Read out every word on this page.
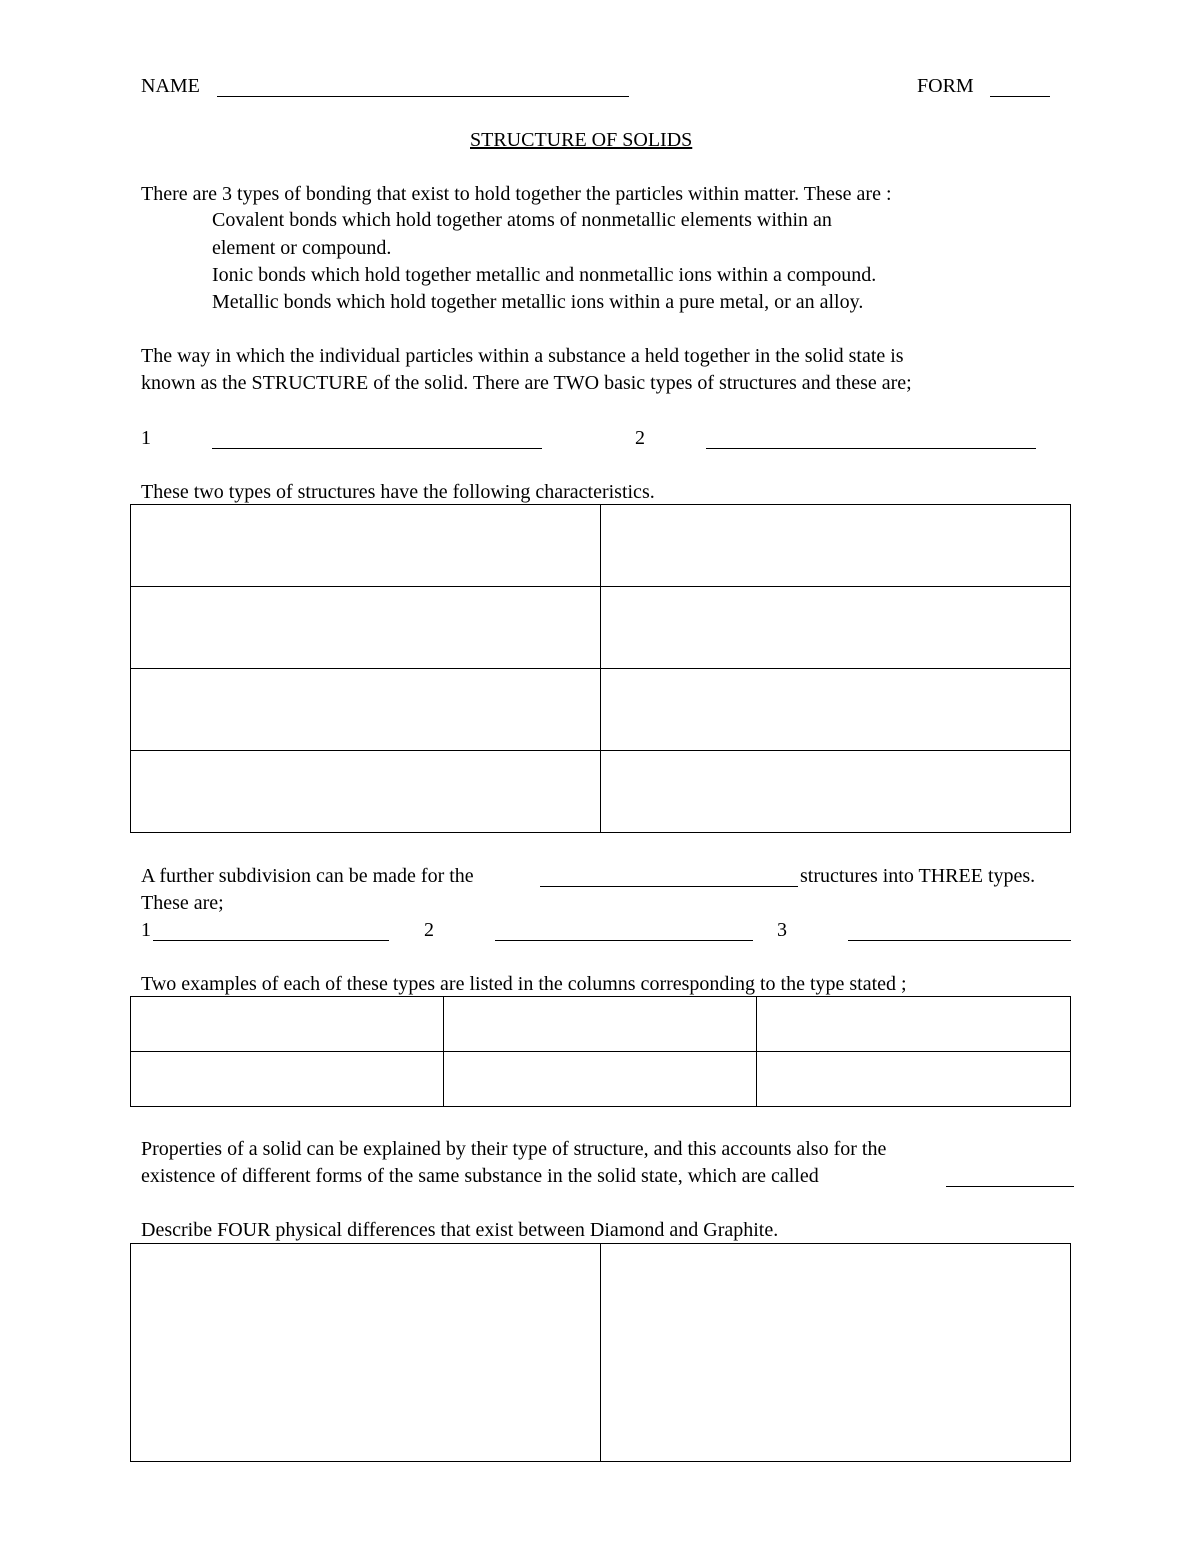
NAME	FORM
STRUCTURE OF SOLIDS
There are 3 types of bonding that exist to hold together the particles within matter. These are :
Covalent bonds which hold together atoms of nonmetallic elements within an
element or compound.
Ionic bonds which hold together metallic and nonmetallic ions within a compound.
Metallic bonds which hold together metallic ions within a pure metal, or an alloy.
The way in which the individual particles within a substance a held together in the solid state is
known as the STRUCTURE of the solid. There are TWO basic types of structures and these are;
1	2
These two types of structures have the following characteristics.
A further subdivision can be made for the	structures into THREE types.
These are;
1	2	3
Two examples of each of these types are listed in the columns corresponding to the type stated ;
Properties of a solid can be explained by their type of structure, and this accounts also for the
existence of different forms of the same substance in the solid state, which are called
Describe FOUR physical differences that exist between Diamond and Graphite.
